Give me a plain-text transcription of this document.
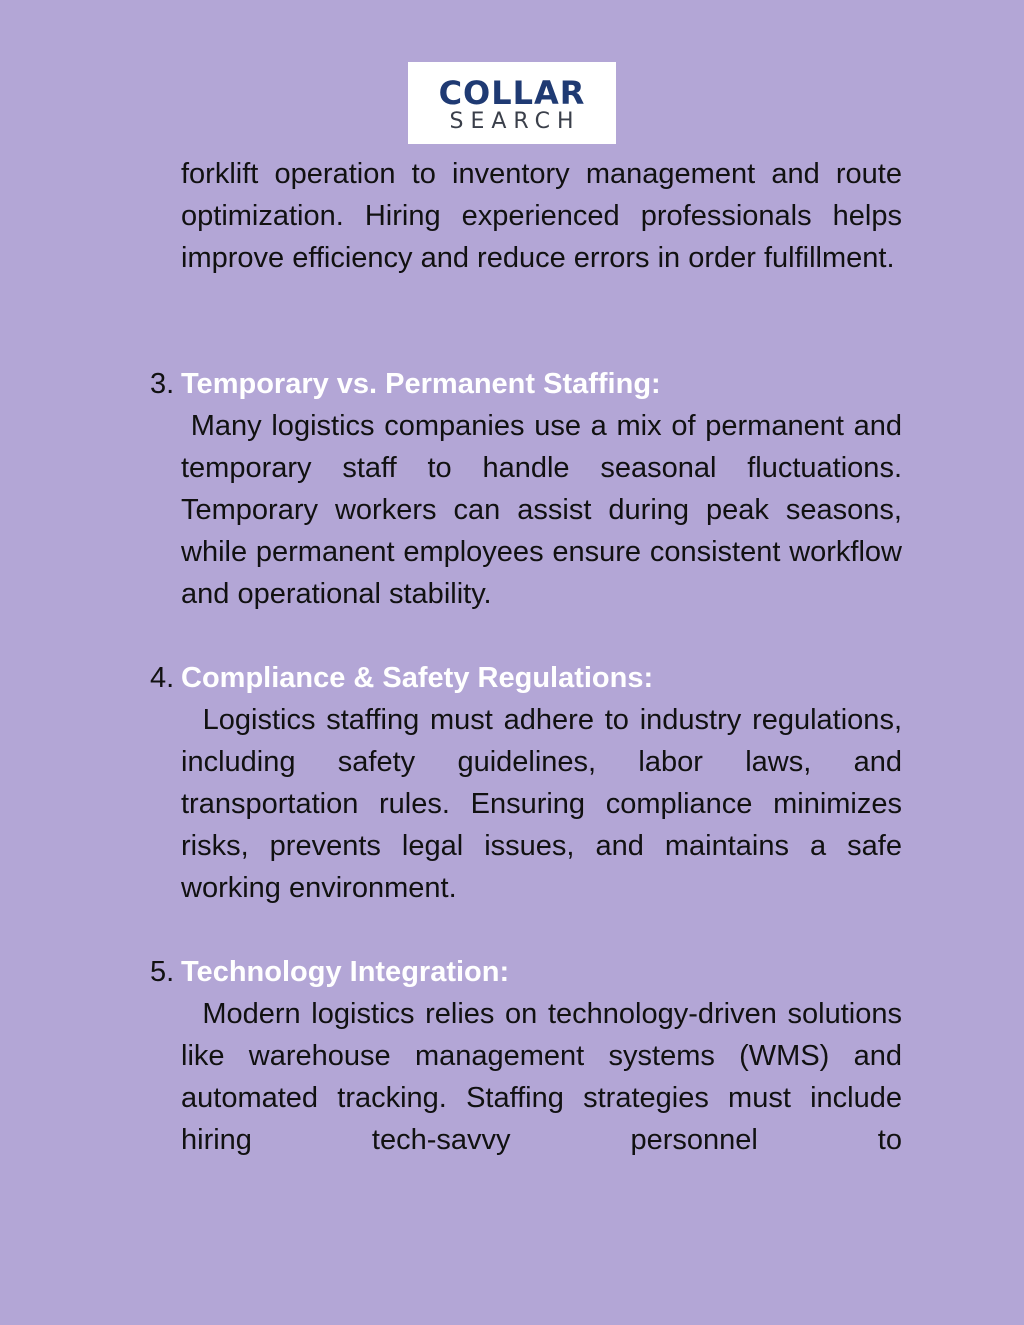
COLLAR
SEARCH

forklift operation to inventory management and route optimization. Hiring experienced professionals helps improve efficiency and reduce errors in order fulfillment.

3. Temporary vs. Permanent Staffing:

Many logistics companies use a mix of permanent and temporary staff to handle seasonal fluctuations. Temporary workers can assist during peak seasons, while permanent employees ensure consistent workflow and operational stability.

4. Compliance & Safety Regulations:

Logistics staffing must adhere to industry regulations, including safety guidelines, labor laws, and transportation rules. Ensuring compliance minimizes risks, prevents legal issues, and maintains a safe working environment.

5. Technology Integration:

Modern logistics relies on technology-driven solutions like warehouse management systems (WMS) and automated tracking. Staffing strategies must include hiring tech-savvy personnel to
